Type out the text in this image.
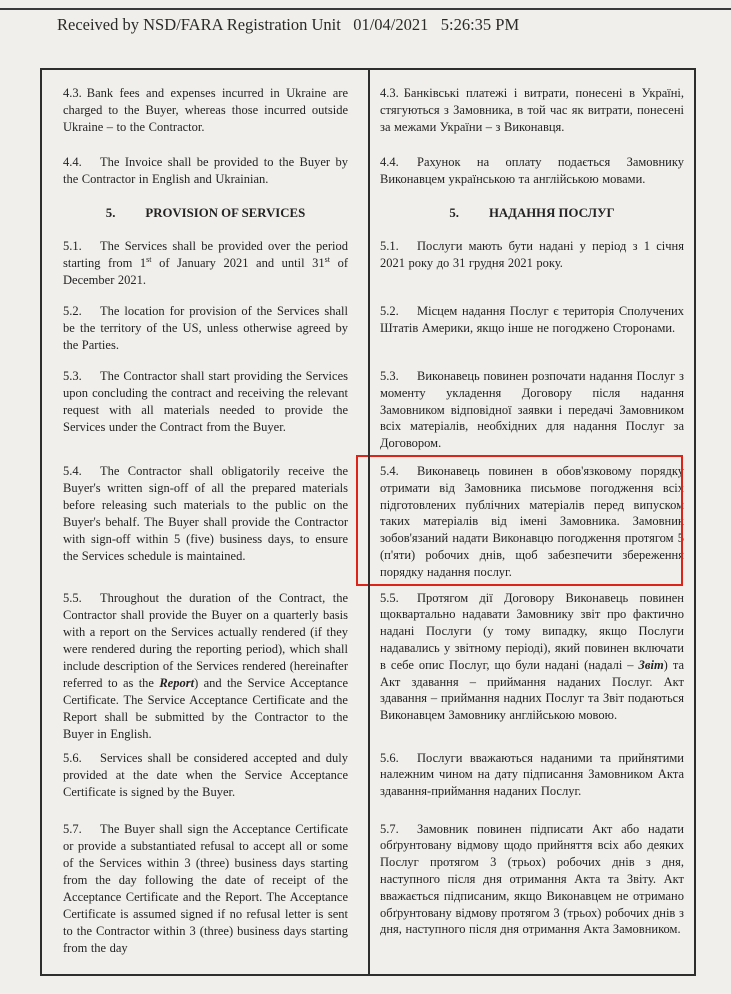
Received by NSD/FARA Registration Unit   01/04/2021   5:26:35 PM

4.3. Bank fees and expenses incurred in Ukraine are charged to the Buyer, whereas those incurred outside Ukraine – to the Contractor.

4.3. Банківські платежі і витрати, понесені в Україні, стягуються з Замовника, в той час як витрати, понесені за межами України – з Виконавця.

4.4. The Invoice shall be provided to the Buyer by the Contractor in English and Ukrainian.

4.4. Рахунок на оплату подається Замовнику Виконавцем українською та англійською мовами.

5. PROVISION OF SERVICES	5. НАДАННЯ ПОСЛУГ

5.1. The Services shall be provided over the period starting from 1st of January 2021 and until 31st of December 2021.

5.1. Послуги мають бути надані у період з 1 січня 2021 року до 31 грудня 2021 року.

5.2. The location for provision of the Services shall be the territory of the US, unless otherwise agreed by the Parties.

5.2. Місцем надання Послуг є територія Сполучених Штатів Америки, якщо інше не погоджено Сторонами.

5.3. The Contractor shall start providing the Services upon concluding the contract and receiving the relevant request with all materials needed to provide the Services under the Contract from the Buyer.

5.3. Виконавець повинен розпочати надання Послуг з моменту укладення Договору після надання Замовником відповідної заявки і передачі Замовником всіх матеріалів, необхідних для надання Послуг за Договором.

5.4. The Contractor shall obligatorily receive the Buyer's written sign-off of all the prepared materials before releasing such materials to the public on the Buyer's behalf. The Buyer shall provide the Contractor with sign-off within 5 (five) business days, to ensure the Services schedule is maintained.

5.4. Виконавець повинен в обов'язковому порядку отримати від Замовника письмове погодження всіх підготовлених публічних матеріалів перед випуском таких матеріалів від імені Замовника. Замовник зобов'язаний надати Виконавцю погодження протягом 5 (п'яти) робочих днів, щоб забезпечити збереження порядку надання послуг.

5.5. Throughout the duration of the Contract, the Contractor shall provide the Buyer on a quarterly basis with a report on the Services actually rendered (if they were rendered during the reporting period), which shall include description of the Services rendered (hereinafter referred to as the Report) and the Service Acceptance Certificate. The Service Acceptance Certificate and the Report shall be submitted by the Contractor to the Buyer in English.

5.5. Протягом дії Договору Виконавець повинен щоквартально надавати Замовнику звіт про фактично надані Послуги (у тому випадку, якщо Послуги надавались у звітному періоді), який повинен включати в себе опис Послуг, що були надані (надалі – Звіт) та Акт здавання – приймання наданих Послуг. Акт здавання – приймання надних Послуг та Звіт подаються Виконавцем Замовнику англійською мовою.

5.6. Services shall be considered accepted and duly provided at the date when the Service Acceptance Certificate is signed by the Buyer.

5.6. Послуги вважаються наданими та прийнятими належним чином на дату підписання Замовником Акта здавання-приймання наданих Послуг.

5.7. The Buyer shall sign the Acceptance Certificate or provide a substantiated refusal to accept all or some of the Services within 3 (three) business days starting from the day following the date of receipt of the Acceptance Certificate and the Report. The Acceptance Certificate is assumed signed if no refusal letter is sent to the Contractor within 3 (three) business days starting from the day

5.7. Замовник повинен підписати Акт або надати обґрунтовану відмову щодо прийняття всіх або деяких Послуг протягом 3 (трьох) робочих днів з дня, наступного після дня отримання Акта та Звіту. Акт вважається підписаним, якщо Виконавцем не отримано обґрунтовану відмову протягом 3 (трьох) робочих днів з дня, наступного після дня отримання Акта Замовником.
